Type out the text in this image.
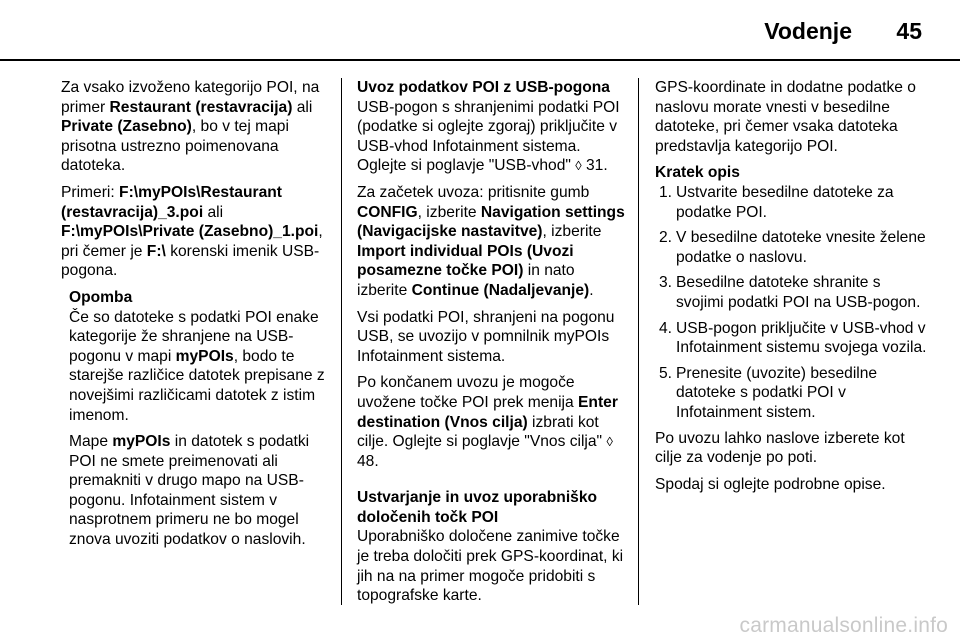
Vodenje 45

Za vsako izvoženo kategorijo POI, na primer Restaurant (restavracija) ali Private (Zasebno), bo v tej mapi prisotna ustrezno poimenovana datoteka.

Primeri: F:\myPOIs\Restaurant (restavracija)_3.poi ali F:\myPOIs\Private (Zasebno)_1.poi, pri čemer je F:\ korenski imenik USB-pogona.

Opomba

Če so datoteke s podatki POI enake kategorije že shranjene na USB-pogonu v mapi myPOIs, bodo te starejše različice datotek prepisane z novejšimi različicami datotek z istim imenom.

Mape myPOIs in datotek s podatki POI ne smete preimenovati ali premakniti v drugo mapo na USB-pogonu. Infotainment sistem v nasprotnem primeru ne bo mogel znova uvoziti podatkov o naslovih.

Uvoz podatkov POI z USB-pogona

USB-pogon s shranjenimi podatki POI (podatke si oglejte zgoraj) priključite v USB-vhod Infotainment sistema. Oglejte si poglavje "USB-vhod" ◊ 31.

Za začetek uvoza: pritisnite gumb CONFIG, izberite Navigation settings (Navigacijske nastavitve), izberite Import individual POIs (Uvozi posamezne točke POI) in nato izberite Continue (Nadaljevanje).

Vsi podatki POI, shranjeni na pogonu USB, se uvozijo v pomnilnik myPOIs Infotainment sistema.

Po končanem uvozu je mogoče uvožene točke POI prek menija Enter destination (Vnos cilja) izbrati kot cilje. Oglejte si poglavje "Vnos cilja" ◊ 48.

Ustvarjanje in uvoz uporabniško določenih točk POI

Uporabniško določene zanimive točke je treba določiti prek GPS-koordinat, ki jih na na primer mogoče pridobiti s topografske karte.

GPS-koordinate in dodatne podatke o naslovu morate vnesti v besedilne datoteke, pri čemer vsaka datoteka predstavlja kategorijo POI.

Kratek opis

1. Ustvarite besedilne datoteke za podatke POI.
2. V besedilne datoteke vnesite želene podatke o naslovu.
3. Besedilne datoteke shranite s svojimi podatki POI na USB-pogon.
4. USB-pogon priključite v USB-vhod v Infotainment sistemu svojega vozila.
5. Prenesite (uvozite) besedilne datoteke s podatki POI v Infotainment sistem.

Po uvozu lahko naslove izberete kot cilje za vodenje po poti.

Spodaj si oglejte podrobne opise.

carmanualsonline.info
